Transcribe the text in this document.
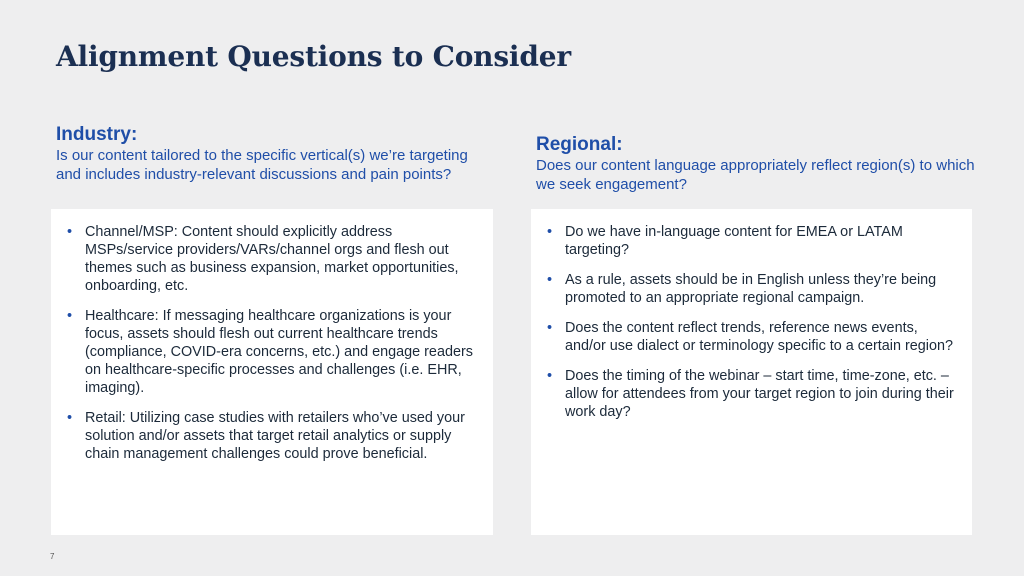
Alignment Questions to Consider

Industry:

Is our content tailored to the specific vertical(s) we’re targeting and includes industry-relevant discussions and pain points?

Regional:

Does our content language appropriately reflect region(s) to which we seek engagement?

• Channel/MSP: Content should explicitly address MSPs/service providers/VARs/channel orgs and flesh out themes such as business expansion, market opportunities, onboarding, etc.
• Healthcare: If messaging healthcare organizations is your focus, assets should flesh out current healthcare trends (compliance, COVID-era concerns, etc.) and engage readers on healthcare-specific processes and challenges (i.e. EHR, imaging).
• Retail: Utilizing case studies with retailers who’ve used your solution and/or assets that target retail analytics or supply chain management challenges could prove beneficial.
• Do we have in-language content for EMEA or LATAM targeting?
• As a rule, assets should be in English unless they’re being promoted to an appropriate regional campaign.
• Does the content reflect trends, reference news events, and/or use dialect or terminology specific to a certain region?
• Does the timing of the webinar – start time, time-zone, etc. – allow for attendees from your target region to join during their work day?
7
